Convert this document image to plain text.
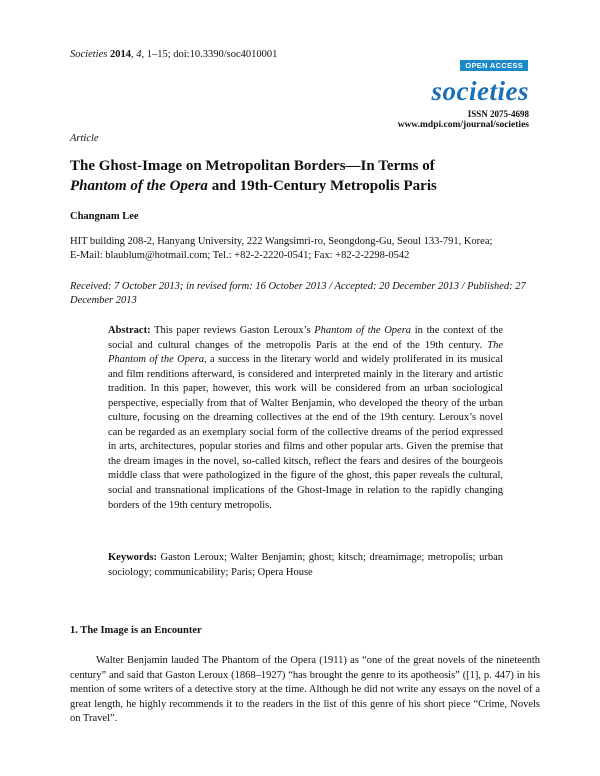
Societies 2014, 4, 1–15; doi:10.3390/soc4010001
OPEN ACCESS
societies
ISSN 2075-4698
www.mdpi.com/journal/societies
Article
The Ghost-Image on Metropolitan Borders—In Terms of
Phantom of the Opera and 19th-Century Metropolis Paris
Changnam Lee
HIT building 208-2, Hanyang University, 222 Wangsimri-ro, Seongdong-Gu, Seoul 133-791, Korea;
E-Mail: blaublum@hotmail.com; Tel.: +82-2-2220-0541; Fax: +82-2-2298-0542
Received: 7 October 2013; in revised form: 16 October 2013 / Accepted: 20 December 2013 / Published: 27 December 2013
Abstract: This paper reviews Gaston Leroux’s Phantom of the Opera in the context of the social and cultural changes of the metropolis Paris at the end of the 19th century. The Phantom of the Opera, a success in the literary world and widely proliferated in its musical and film renditions afterward, is considered and interpreted mainly in the literary and artistic tradition. In this paper, however, this work will be considered from an urban sociological perspective, especially from that of Walter Benjamin, who developed the theory of the urban culture, focusing on the dreaming collectives at the end of the 19th century. Leroux’s novel can be regarded as an exemplary social form of the collective dreams of the period expressed in arts, architectures, popular stories and films and other popular arts. Given the premise that the dream images in the novel, so-called kitsch, reflect the fears and desires of the bourgeois middle class that were pathologized in the figure of the ghost, this paper reveals the cultural, social and transnational implications of the Ghost-Image in relation to the rapidly changing borders of the 19th century metropolis.
Keywords: Gaston Leroux; Walter Benjamin; ghost; kitsch; dreamimage; metropolis; urban sociology; communicability; Paris; Opera House
1. The Image is an Encounter
Walter Benjamin lauded The Phantom of the Opera (1911) as “one of the great novels of the nineteenth century” and said that Gaston Leroux (1868–1927) “has brought the genre to its apotheosis” ([1], p. 447) in his mention of some writers of a detective story at the time. Although he did not write any essays on the novel of a great length, he highly recommends it to the readers in the list of this genre of his short piece “Crime, Novels on Travel”.
